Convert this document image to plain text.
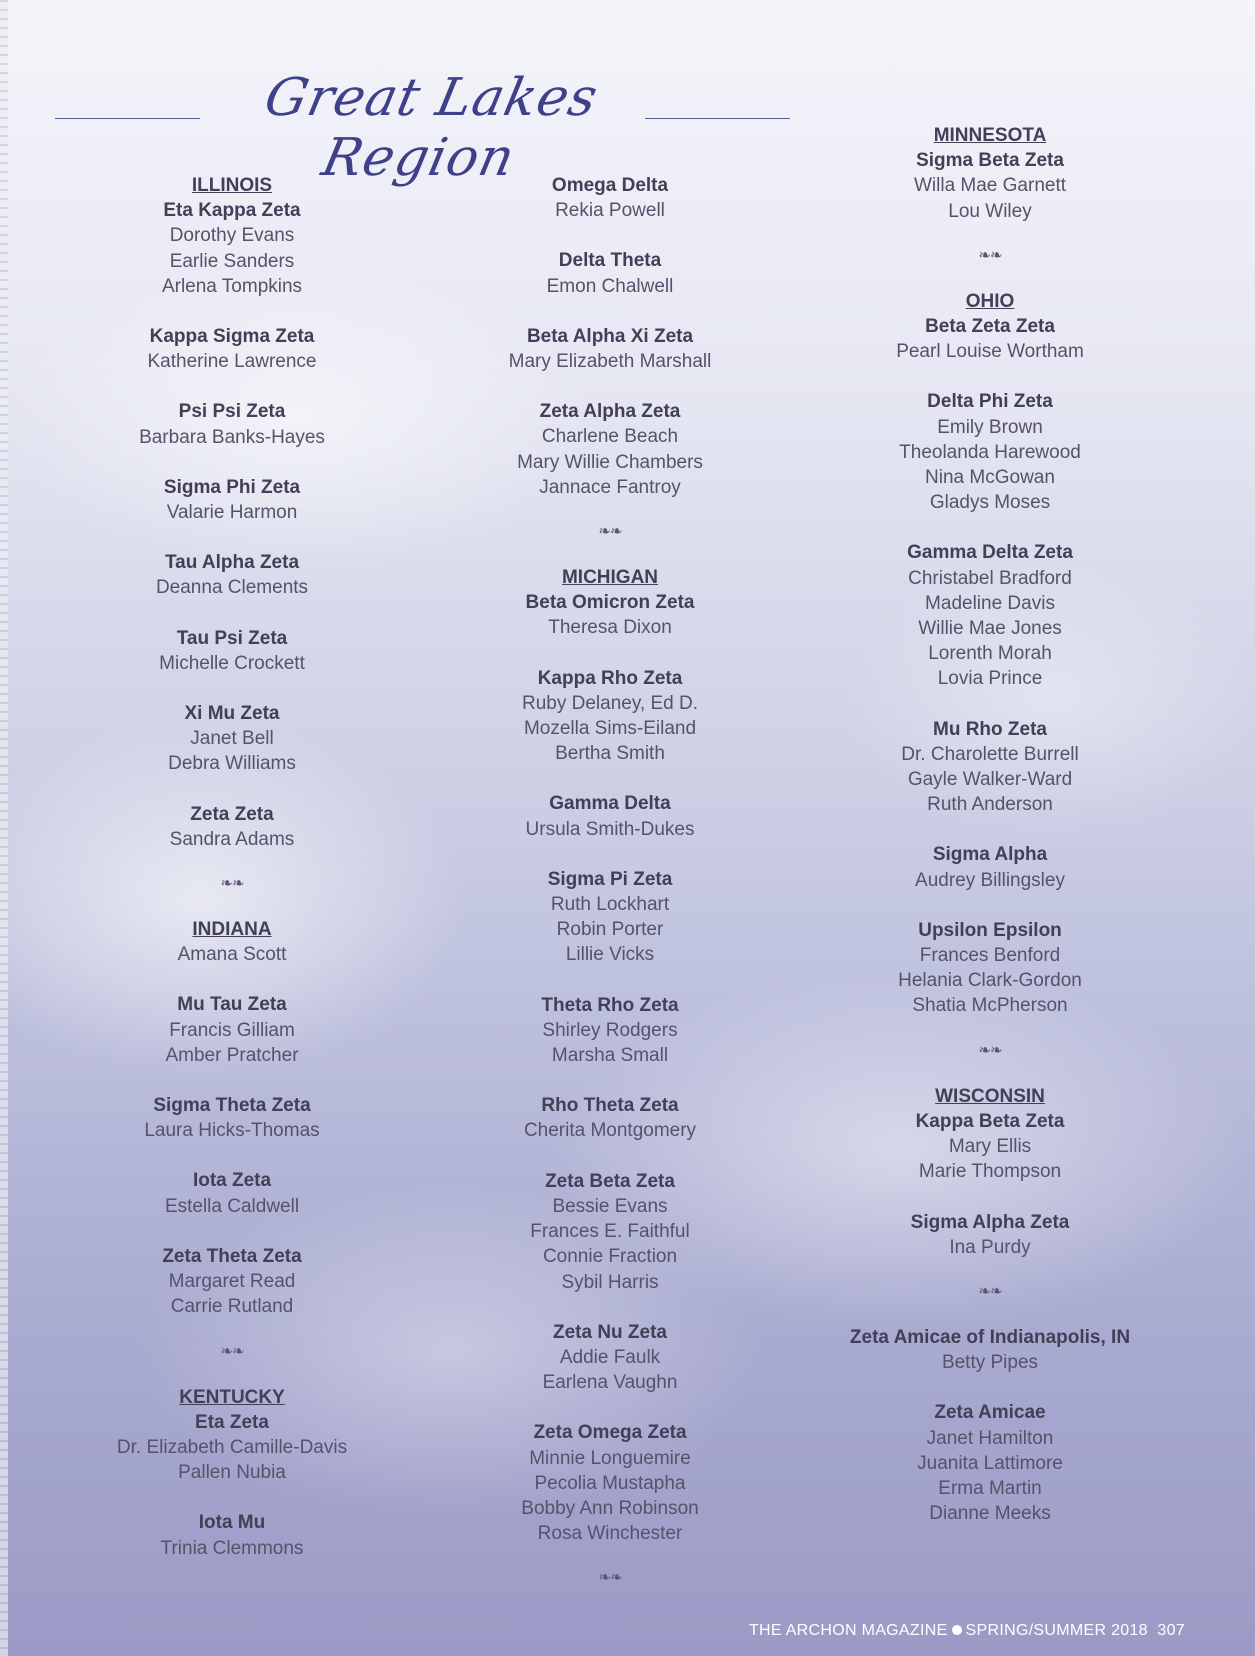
Great Lakes Region
ILLINOIS
Eta Kappa Zeta
Dorothy Evans
Earlie Sanders
Arlena Tompkins
Kappa Sigma Zeta
Katherine Lawrence
Psi Psi Zeta
Barbara Banks-Hayes
Sigma Phi Zeta
Valarie Harmon
Tau Alpha Zeta
Deanna Clements
Tau Psi Zeta
Michelle Crockett
Xi Mu Zeta
Janet Bell
Debra Williams
Zeta Zeta
Sandra Adams
❧❧
INDIANA
Amana Scott
Mu Tau Zeta
Francis Gilliam
Amber Pratcher
Sigma Theta Zeta
Laura Hicks-Thomas
Iota Zeta
Estella Caldwell
Zeta Theta Zeta
Margaret Read
Carrie Rutland
❧❧
KENTUCKY
Eta Zeta
Dr. Elizabeth Camille-Davis
Pallen Nubia
Iota Mu
Trinia Clemmons
Omega Delta
Rekia Powell
Delta Theta
Emon Chalwell
Beta Alpha Xi Zeta
Mary Elizabeth Marshall
Zeta Alpha Zeta
Charlene Beach
Mary Willie Chambers
Jannace Fantroy
❧❧
MICHIGAN
Beta Omicron Zeta
Theresa Dixon
Kappa Rho Zeta
Ruby Delaney, Ed D.
Mozella Sims-Eiland
Bertha Smith
Gamma Delta
Ursula Smith-Dukes
Sigma Pi Zeta
Ruth Lockhart
Robin Porter
Lillie Vicks
Theta Rho Zeta
Shirley Rodgers
Marsha Small
Rho Theta Zeta
Cherita Montgomery
Zeta Beta Zeta
Bessie Evans
Frances E. Faithful
Connie Fraction
Sybil Harris
Zeta Nu Zeta
Addie Faulk
Earlena Vaughn
Zeta Omega Zeta
Minnie Longuemire
Pecolia Mustapha
Bobby Ann Robinson
Rosa Winchester
❧❧
MINNESOTA
Sigma Beta Zeta
Willa Mae Garnett
Lou Wiley
❧❧
OHIO
Beta Zeta Zeta
Pearl Louise Wortham
Delta Phi Zeta
Emily Brown
Theolanda Harewood
Nina McGowan
Gladys Moses
Gamma Delta Zeta
Christabel Bradford
Madeline Davis
Willie Mae Jones
Lorenth Morah
Lovia Prince
Mu Rho Zeta
Dr. Charolette Burrell
Gayle Walker-Ward
Ruth Anderson
Sigma Alpha
Audrey Billingsley
Upsilon Epsilon
Frances Benford
Helania Clark-Gordon
Shatia McPherson
❧❧
WISCONSIN
Kappa Beta Zeta
Mary Ellis
Marie Thompson
Sigma Alpha Zeta
Ina Purdy
❧❧
Zeta Amicae of Indianapolis, IN
Betty Pipes
Zeta Amicae
Janet Hamilton
Juanita Lattimore
Erma Martin
Dianne Meeks
THE ARCHON MAGAZINE SPRING/SUMMER 2018 307
